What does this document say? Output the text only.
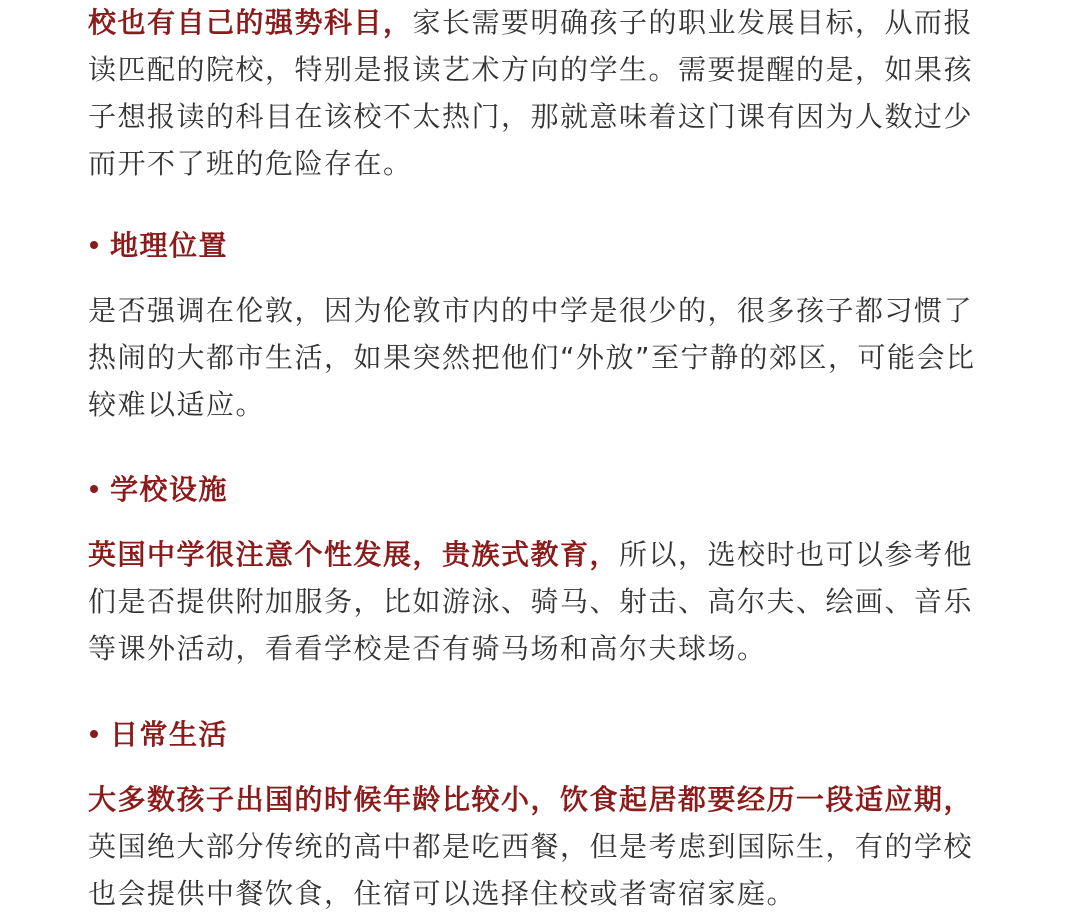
校也有自己的强势科目，家长需要明确孩子的职业发展目标，从而报读匹配的院校，特别是报读艺术方向的学生。需要提醒的是，如果孩子想报读的科目在该校不太热门，那就意味着这门课有因为人数过少而开不了班的危险存在。

地理位置

是否强调在伦敦，因为伦敦市内的中学是很少的，很多孩子都习惯了热闹的大都市生活，如果突然把他们“外放”至宁静的郊区，可能会比较难以适应。

学校设施

英国中学很注意个性发展，贵族式教育，所以，选校时也可以参考他们是否提供附加服务，比如游泳、骑马、射击、高尔夫、绘画、音乐等课外活动，看看学校是否有骑马场和高尔夫球场。

日常生活

大多数孩子出国的时候年龄比较小，饮食起居都要经历一段适应期，英国绝大部分传统的高中都是吃西餐，但是考虑到国际生，有的学校也会提供中餐饮食，住宿可以选择住校或者寄宿家庭。
